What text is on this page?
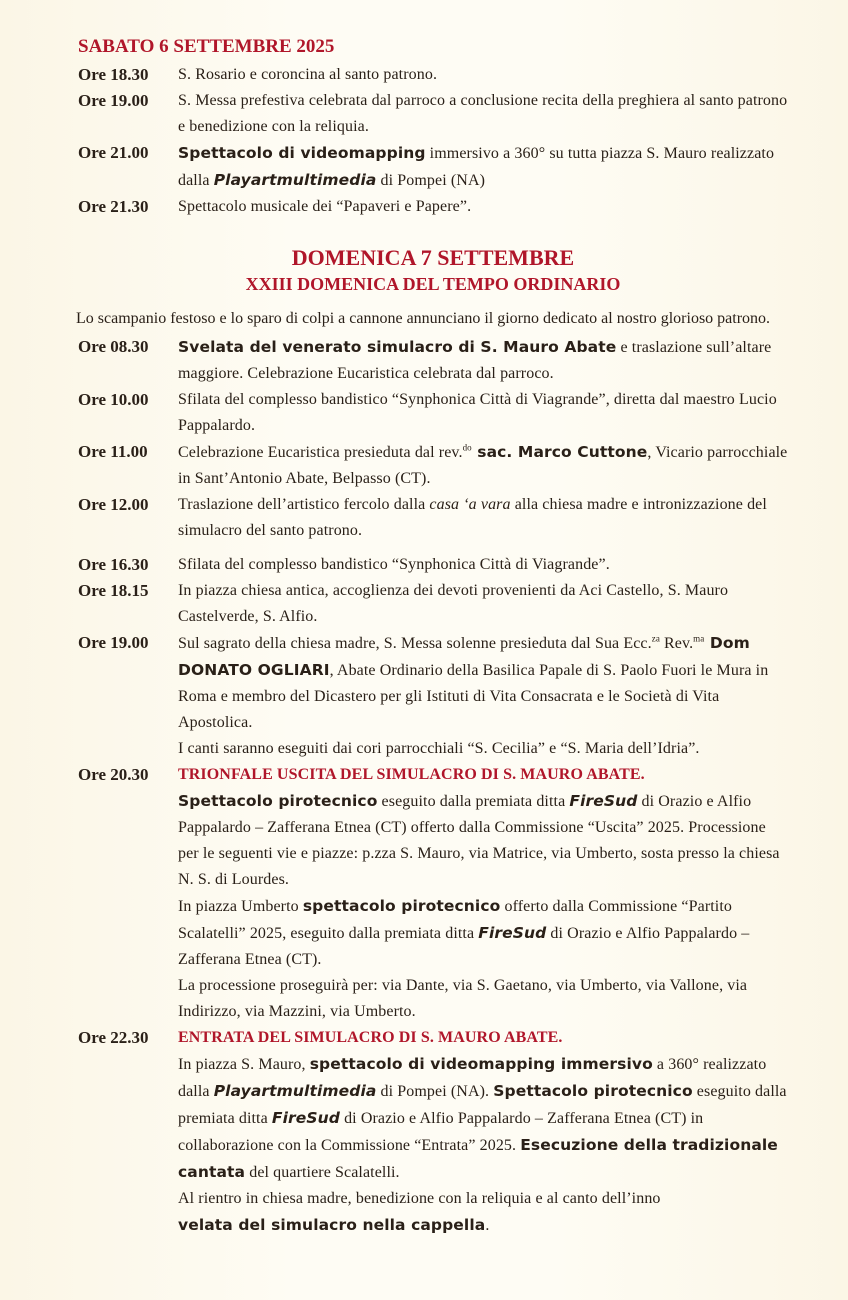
SABATO 6 SETTEMBRE 2025
Ore 18.30	S. Rosario e coroncina al santo patrono.
Ore 19.00	S. Messa prefestiva celebrata dal parroco a conclusione recita della preghiera al santo patrono e benedizione con la reliquia.
Ore 21.00	Spettacolo di videomapping immersivo a 360° su tutta piazza S. Mauro realizzato dalla Playartmultimedia di Pompei (NA)
Ore 21.30	Spettacolo musicale dei “Papaveri e Papere”.
DOMENICA 7 SETTEMBRE
XXIII DOMENICA DEL TEMPO ORDINARIO
Lo scampanio festoso e lo sparo di colpi a cannone annunciano il giorno dedicato al nostro glorioso patrono.
Ore 08.30	Svelata del venerato simulacro di S. Mauro Abate e traslazione sull’altare maggiore. Celebrazione Eucaristica celebrata dal parroco.
Ore 10.00	Sfilata del complesso bandistico “Synphonica Città di Viagrande”, diretta dal maestro Lucio Pappalardo.
Ore 11.00	Celebrazione Eucaristica presieduta dal rev.$^{do}$ sac. Marco Cuttone, Vicario parrocchiale in Sant’Antonio Abate, Belpasso (CT).
Ore 12.00	Traslazione dell’artistico fercolo dalla casa ‘a vara alla chiesa madre e intronizzazione del simulacro del santo patrono.
Ore 16.30	Sfilata del complesso bandistico “Synphonica Città di Viagrande”.
Ore 18.15	In piazza chiesa antica, accoglienza dei devoti provenienti da Aci Castello, S. Mauro Castelverde, S. Alfio.
Ore 19.00	Sul sagrato della chiesa madre, S. Messa solenne presieduta dal Sua Ecc.$^{za}$ Rev.$^{ma}$ Dom DONATO OGLIARI, Abate Ordinario della Basilica Papale di S. Paolo Fuori le Mura in Roma e membro del Dicastero per gli Istituti di Vita Consacrata e le Società di Vita Apostolica.
I canti saranno eseguiti dai cori parrocchiali “S. Cecilia” e “S. Maria dell’Idria”.
Ore 20.30	TRIONFALE USCITA DEL SIMULACRO DI S. MAURO ABATE.
Spettacolo pirotecnico eseguito dalla premiata ditta FireSud di Orazio e Alfio Pappalardo – Zafferana Etnea (CT) offerto dalla Commissione “Uscita” 2025. Processione per le seguenti vie e piazze: p.zza S. Mauro, via Matrice, via Umberto, sosta presso la chiesa N. S. di Lourdes.
In piazza Umberto spettacolo pirotecnico offerto dalla Commissione “Partito Scalatelli” 2025, eseguito dalla premiata ditta FireSud di Orazio e Alfio Pappalardo – Zafferana Etnea (CT).
La processione proseguirà per: via Dante, via S. Gaetano, via Umberto, via Vallone, via Indirizzo, via Mazzini, via Umberto.
Ore 22.30	ENTRATA DEL SIMULACRO DI S. MAURO ABATE.
In piazza S. Mauro, spettacolo di videomapping immersivo a 360° realizzato dalla Playartmultimedia di Pompei (NA). Spettacolo pirotecnico eseguito dalla premiata ditta FireSud di Orazio e Alfio Pappalardo – Zafferana Etnea (CT) in collaborazione con la Commissione “Entrata” 2025. Esecuzione della tradizionale cantata del quartiere Scalatelli.
Al rientro in chiesa madre, benedizione con la reliquia e al canto dell’inno
velata del simulacro nella cappella.
